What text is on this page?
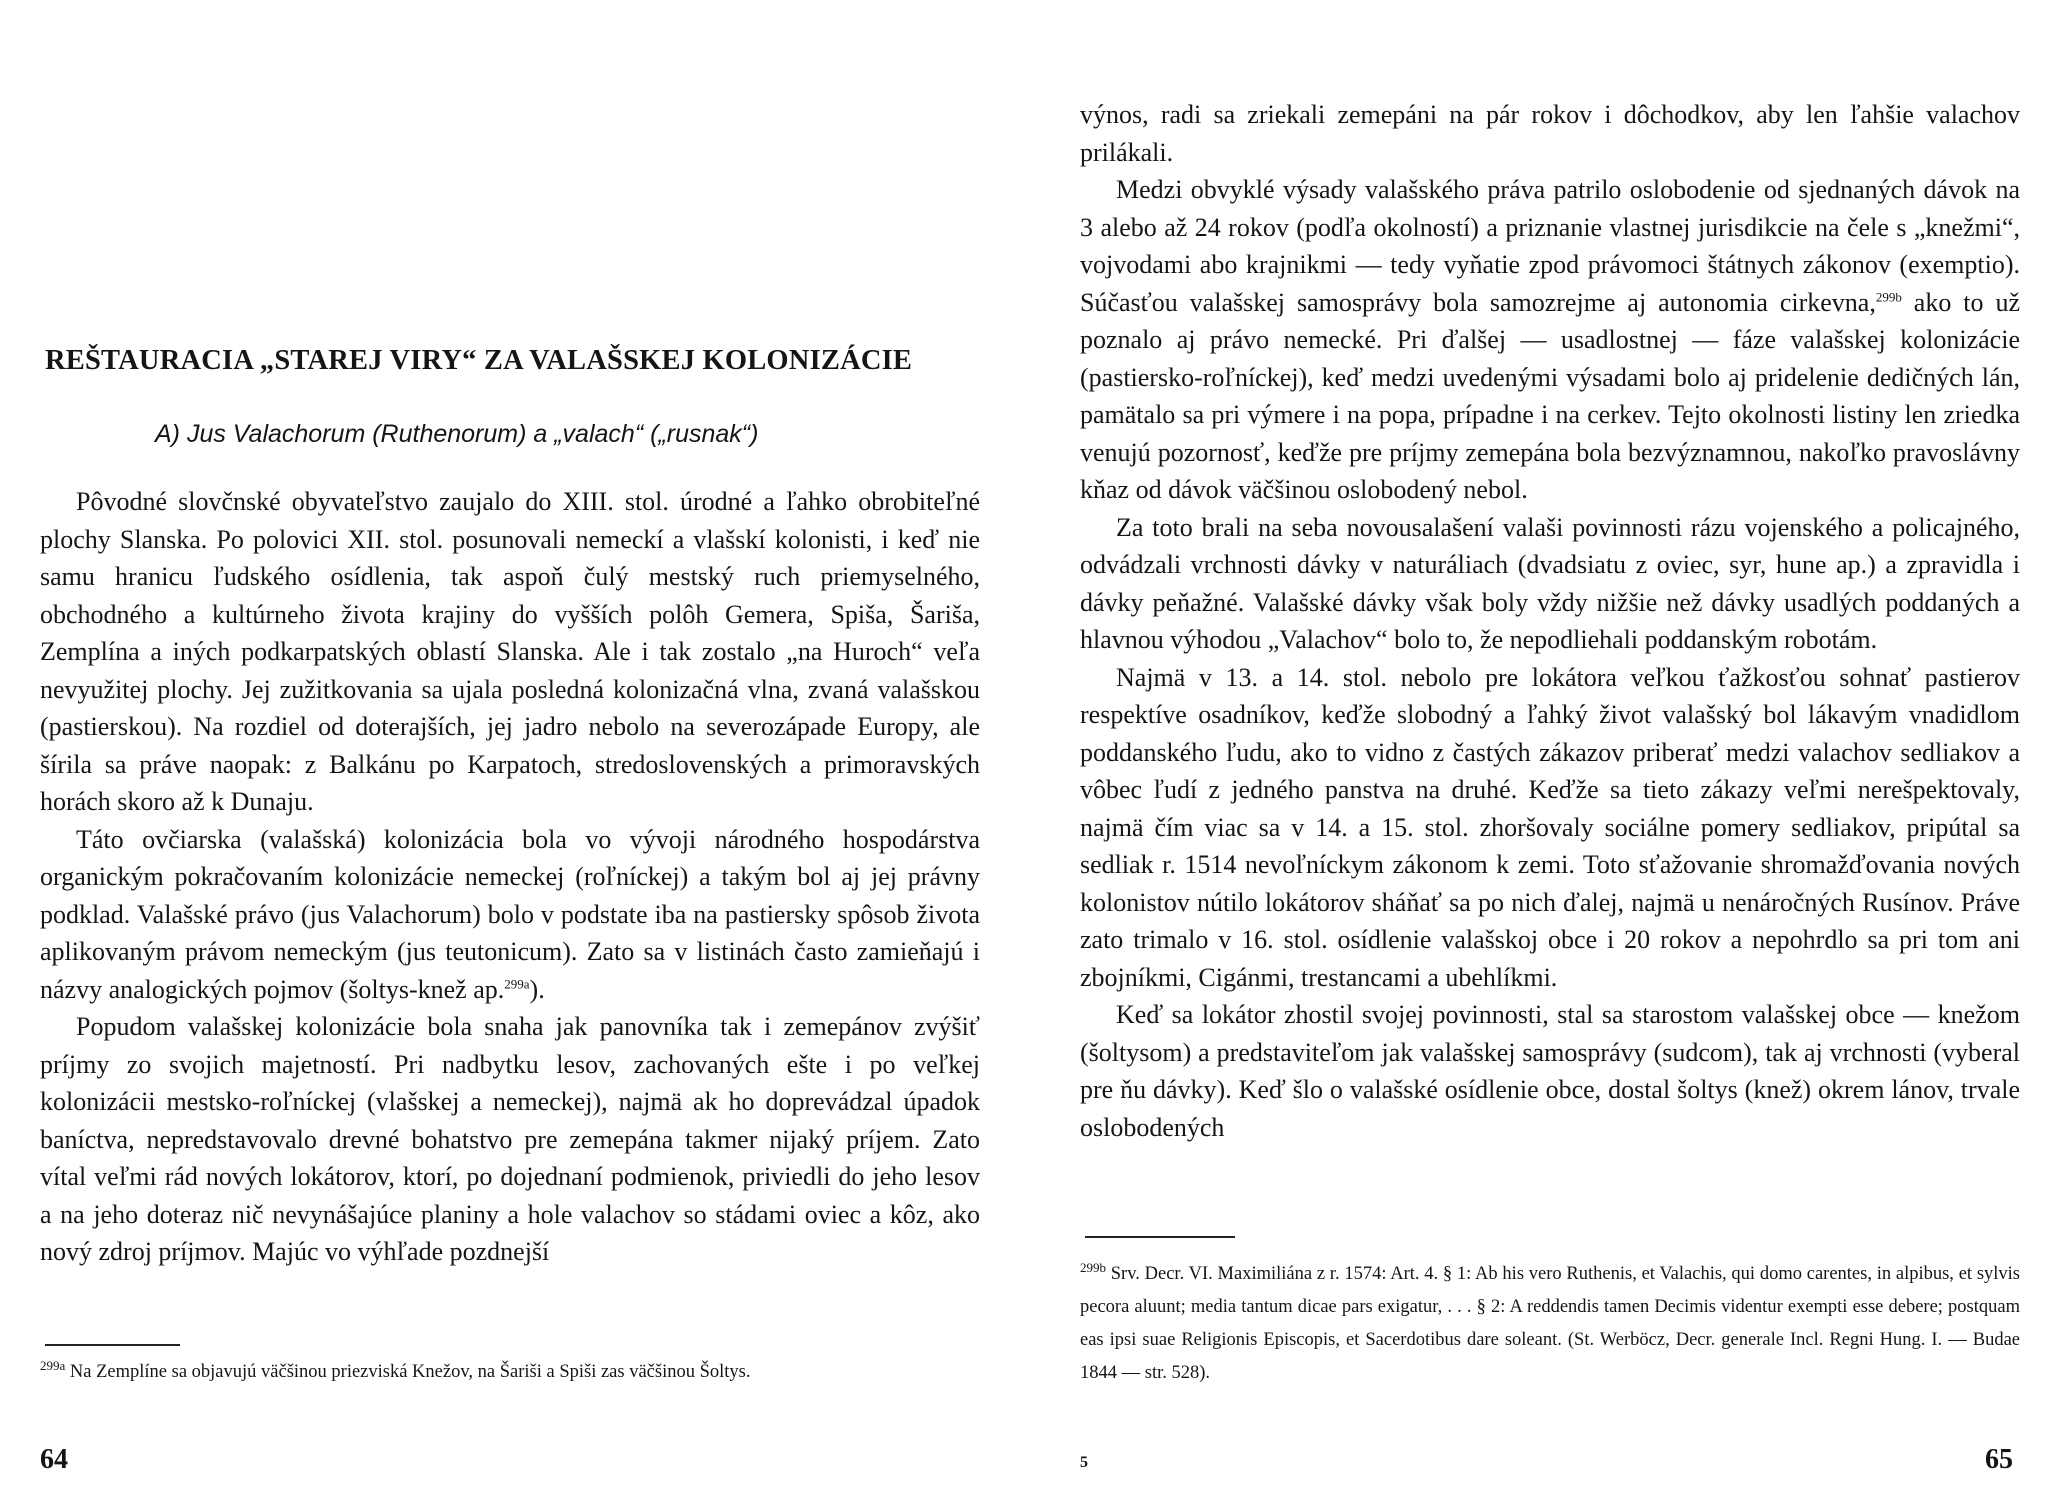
REŠTAURACIA „STAREJ VIRY“ ZA VALAŠSKEJ KOLONIZÁCIE
A) Jus Valachorum (Ruthenorum) a „valach“ („rusnak“)

Pôvodné slovčnské obyvateľstvo zaujalo do XIII. stol. úrodné a ľahko obrobiteľné plochy Slanska. Po polovici XII. stol. posunovali nemeckí a vlašskí kolonisti, i keď nie samu hranicu ľudského osídlenia, tak aspoň čulý mestský ruch priemyselného, obchodného a kultúrneho života krajiny do vyšších polôh Gemera, Spiša, Šariša, Zemplína a iných podkarpatských oblastí Slanska. Ale i tak zostalo „na Huroch“ veľa nevyužitej plochy. Jej zužitkovania sa ujala posledná kolonizačná vlna, zvaná valašskou (pastierskou). Na rozdiel od doterajších, jej jadro nebolo na severozápade Europy, ale šírila sa práve naopak: z Balkánu po Karpatoch, stredoslovenských a primoravských horách skoro až k Dunaju.

Táto ovčiarska (valašská) kolonizácia bola vo vývoji národného hospodárstva organickým pokračovaním kolonizácie nemeckej (roľníckej) a takým bol aj jej právny podklad. Valašské právo (jus Valachorum) bolo v podstate iba na pastiersky spôsob života aplikovaným právom nemeckým (jus teutonicum). Zato sa v listinách často zamieňajú i názvy analogických pojmov (šoltys-knež ap.$^{299a}$).

Popudom valašskej kolonizácie bola snaha jak panovníka tak i zemepánov zvýšiť príjmy zo svojich majetností. Pri nadbytku lesov, zachovaných ešte i po veľkej kolonizácii mestsko-roľníckej (vlašskej a nemeckej), najmä ak ho doprevádzal úpadok baníctva, nepredstavovalo drevné bohatstvo pre zemepána takmer nijaký príjem. Zato vítal veľmi rád nových lokátorov, ktorí, po dojednaní podmienok, priviedli do jeho lesov a na jeho doteraz nič nevynášajúce planiny a hole valachov so stádami oviec a kôz, ako nový zdroj príjmov. Majúc vo výhľade pozdnejší

$^{299a}$ Na Zemplíne sa objavujú väčšinou priezviská Knežov, na Šariši a Spiši zas väčšinou Šoltys.
64

výnos, radi sa zriekali zemepáni na pár rokov i dôchodkov, aby len ľahšie valachov prilákali.

Medzi obvyklé výsady valašského práva patrilo oslobodenie od sjednaných dávok na 3 alebo až 24 rokov (podľa okolností) a priznanie vlastnej jurisdikcie na čele s „knežmi“, vojvodami abo krajnikmi — tedy vyňatie zpod právomoci štátnych zákonov (exemptio). Súčasťou valašskej samosprávy bola samozrejme aj autonomia cirkevna,$^{299b}$ ako to už poznalo aj právo nemecké. Pri ďalšej — usadlostnej — fáze valašskej kolonizácie (pastiersko-roľníckej), keď medzi uvedenými výsadami bolo aj pridelenie dedičných lán, pamätalo sa pri výmere i na popa, prípadne i na cerkev. Tejto okolnosti listiny len zriedka venujú pozornosť, keďže pre príjmy zemepána bola bezvýznamnou, nakoľko pravoslávny kňaz od dávok väčšinou oslobodený nebol.

Za toto brali na seba novousalašení valaši povinnosti rázu vojenského a policajného, odvádzali vrchnosti dávky v naturáliach (dvadsiatu z oviec, syr, hune ap.) a zpravidla i dávky peňažné. Valašské dávky však boly vždy nižšie než dávky usadlých poddaných a hlavnou výhodou „Valachov“ bolo to, že nepodliehali poddanským robotám.

Najmä v 13. a 14. stol. nebolo pre lokátora veľkou ťažkosťou sohnať pastierov respektíve osadníkov, keďže slobodný a ľahký život valašský bol lákavým vnadidlom poddanského ľudu, ako to vidno z častých zákazov priberať medzi valachov sedliakov a vôbec ľudí z jedného panstva na druhé. Keďže sa tieto zákazy veľmi nerešpektovaly, najmä čím viac sa v 14. a 15. stol. zhoršovaly sociálne pomery sedliakov, pripútal sa sedliak r. 1514 nevoľníckym zákonom k zemi. Toto sťažovanie shromažďovania nových kolonistov nútilo lokátorov sháňať sa po nich ďalej, najmä u nenáročných Rusínov. Práve zato trimalo v 16. stol. osídlenie valašskoj obce i 20 rokov a nepohrdlo sa pri tom ani zbojníkmi, Cigánmi, trestancami a ubehlíkmi.

Keď sa lokátor zhostil svojej povinnosti, stal sa starostom valašskej obce — knežom (šoltysom) a predstaviteľom jak valašskej samosprávy (sudcom), tak aj vrchnosti (vyberal pre ňu dávky). Keď šlo o valašské osídlenie obce, dostal šoltys (knež) okrem lánov, trvale oslobodených

$^{299b}$ Srv. Decr. VI. Maximiliána z r. 1574: Art. 4. § 1: Ab his vero Ruthenis, et Valachis, qui domo carentes, in alpibus, et sylvis pecora aluunt; media tantum dicae pars exigatur, . . . § 2: A reddendis tamen Decimis videntur exempti esse debere; postquam eas ipsi suae Religionis Episcopis, et Sacerdotibus dare soleant. (St. Werböcz, Decr. generale Incl. Regni Hung. I. — Budae 1844 — str. 528).
5	65
